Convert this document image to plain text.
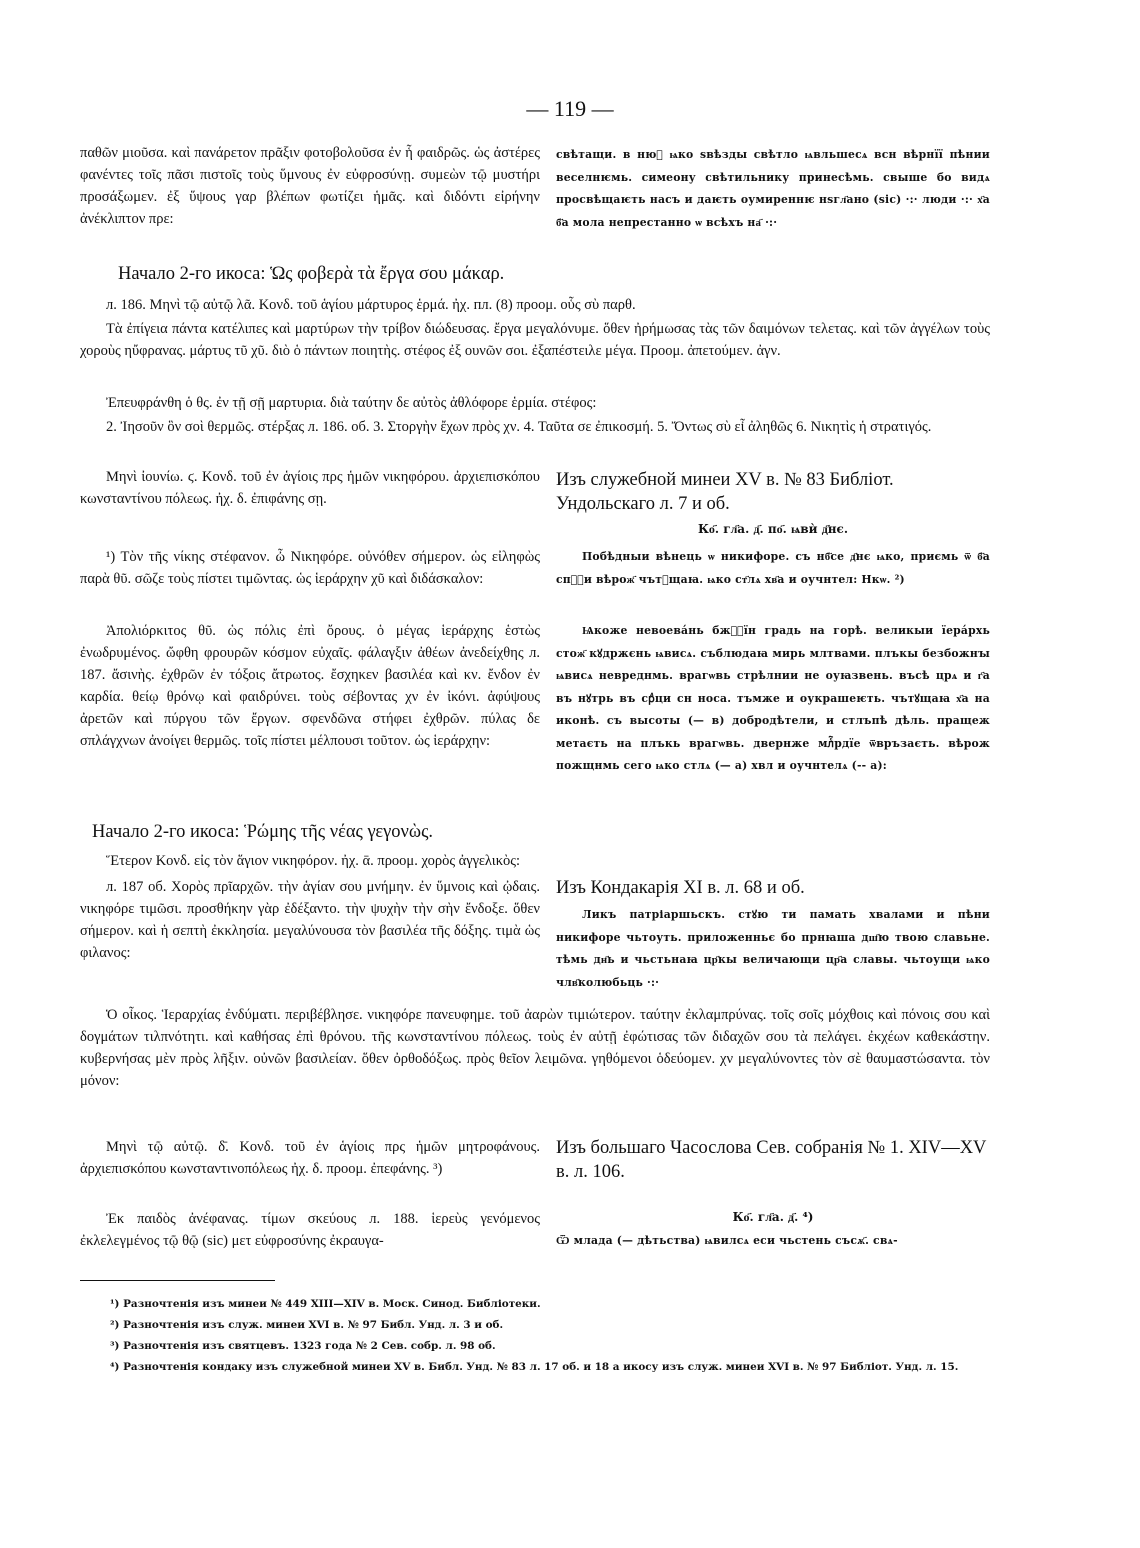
— 119 —

παθῶν μιοῦσα. καὶ πανάρετον πρᾶξιν φοτοβολοῦσα ἐν ἧ φαιδρῶς. ὡς ἀστέρες φανέντες τοῖς πᾶσι πιστοῖς τοὺς ὕμνους ἐν εὐφροσύνῃ. συμεὼν τῷ μυστήρι προσάξωμεν. ἐξ ὕψους γαρ βλέπων φωτίζει ἡμᾶς. καὶ διδόντι εἰρήνην ἀνέκλιπτον πρε:

свѣтащи. в нюⷨ ѩко ѕвѣзды свѣтло ѩвльшесѧ всн вѣрнїї пѣнии веселнѥмь. симеону свѣтильнику принесѣмь. свыше бо видѧ просвѣщаѥть насъ и даѥть оумиреннѥ нѕгл҃ано (sic) ·:· люди ·:· х҃а б҃а мола непрестанно ѡ всѣхъ на҃ ·:·

Начало 2-го икоса: Ὡς φοβερὰ τὰ ἔργα σου μάκαρ.

л. 186. Μηνὶ τῷ αὐτῷ λᾶ. Κονδ. τοῦ ἁγίου μάρτυρος ἑρμά. ἠχ. пл. (8) προομ. οὗς σὺ παρθ.

Τὰ ἐπίγεια πάντα κατέλιπες καὶ μαρτύρων τὴν τρίβον διώδευσας. ἔργα μεγαλόνυμε. ὅθεν ἠρήμωσας τὰς τῶν δαιμόνων τελετας. καὶ τῶν ἀγγέλων τοὺς χοροὺς ηὔφρανας. μάρτυς τῦ χῦ. διὸ ὁ πάντων ποιητὴς. στέφος ἐξ ουνῶν σοι. ἐξαπέστειλε μέγα. Προομ. ἀπετούμεν. ἀγν.

Ἐπευφράνθη ὁ θς. ἐν τῇ σῇ μαρτυρια. διὰ ταύτην δε αὐτὸς ἀθλόφορε ἑρμία. στέφος:

2. Ἰησοῦν ὃν σοὶ θερμῶς. στέρξας л. 186. об. 3. Στοργὴν ἔχων πρὸς χν. 4. Ταῦτα σε ἐπικοσμή. 5. Ὄντως σὺ εἶ ἀληθῶς 6. Νικητὶς ἡ στρατιγός.

Μηνὶ ἰουνίω. ϛ. Κονδ. τοῦ ἐν ἁγίοις πρς ἡμῶν νικηφόρου. ἀρχιεπισκόπου κωνσταντίνου πόλεως. ἠχ. δ. ἐπιφάνης σῃ.

¹) Τὸν τῆς νίκης στέφανον. ὦ Νικηφόρε. οὐνόθεν σήμερον. ὡς εἰληφὼς παρὰ θῦ. σῶζε τοὺς πίστει τιμῶντας. ὡς ἱεράρχην χῦ καὶ διδάσκαλον:

Ἀπολιόρκιτος θῦ. ὡς πόλις ἐπὶ ὄρους. ὁ μέγας ἱεράρχης ἑστὼς ἐνωδρυμένος. ὤφθη φρουρῶν κόσμον εὐχαῖς. φάλαγξιν ἀθέων ἀνεδείχθης л. 187. ἄσινὴς. ἐχθρῶν ἐν τόξοις ἄτρωτος. ἔσχηκεν βασιλέα καὶ κν. ἔνδον ἐν καρδία. θείῳ θρόνῳ καὶ φαιδρύνει. τοὺς σέβοντας χν ἐν ἰκόνι. ἀφύψους ἀρετῶν καὶ πύργου τῶν ἔργων. σφενδῶνα στήφει ἐχθρῶν. πύλας δε σπλάγχνων ἀνοίγει θερμῶς. τοῖς πίστει μέλπουσι τοῦτον. ὡς ἱεράρχην:

Изъ служебной минеи XV в. № 83 Библіот. Ундольскаго л. 7 и об.

Ко҃. гл҃а. д҃. по҃. ѩвѝ д҃нє.

Побѣдныи вѣнець ѡ никифоре. съ нб҃се д҃нє ѩко, приємь ѿ б҃а спⷭ҇и вѣрож҃ чътꙋщаꙗ. ѩко ст҃лѧ хв҃а и оучнтел: Нкѡ. ²)

Ѩкоже невоевáнь бжⷭ҇їн градь на горѣ. великыи їерáрхь стож҃ кꙋдржєнь ѩвисѧ. съблюдаꙗ мирь млтвами. плъкы безбожнꙑ ѩвисѧ невреднмь. врагѡвь стрѣлнии не оуꙗзвень. въсѣ црѧ и г҃а въ нꙋтрь въ срⷣци сн носа. тъмже и оукрашеѥть. чътꙋщаꙗ х҃а на иконѣ. съ высоты (— в) добродѣтели, и стлъпѣ дѣль. пращеж метаєть на плъкь врагѡвь. двернже млⷭ҇рдїе ѿвръзаєть. вѣрож пожщнмь сего ѩко стлѧ (— а) хвл и оучнтелѧ (-- а):

Начало 2-го икоса: Ῥώμης τῆς νέας γεγονὼς.

Ἕτερον Κονδ. εἰς τὸν ἅγιον νικηφόρον. ἠχ. ᾱ. προομ. χορὸς ἀγγελικὸς:

л. 187 об. Χορὸς πρῖαρχῶν. τὴν ἁγίαν σου μνήμην. ἐν ὕμνοις καὶ ᾠδαις. νικηφόρε τιμῶσι. προσθήκην γὰρ ἐδέξαντο. τὴν ψυχὴν τὴν σὴν ἔνδοξε. ὅθεν σήμερον. καὶ ἡ σεπτὴ ἐκκλησία. μεγαλύνουσα τὸν βασιλέα τῆς δόξης. τιμὰ ὡς φιλανος:

Изъ Кондакарія XI в. л. 68 и об.

Ликъ патріаршьскъ. стꙋю ти памать хвалами и пѣни никифоре чьтоуть. приложенньє бо прнꙗша дш҃ю твою славьне. тѣмь дн҃ь и чьстьнаꙗ цр҃кы величающи цр҃а славы. чьтоущи ѩко члв҃колюбьць ·:·

Ὁ οἶκος. Ἱεραρχίας ἐνδύματι. περιβέβλησε. νικηφόρε πανευφημε. τοῦ ἀαρὼν τιμιώτερον. ταύτην ἐκλαμπρύνας. τοῖς σοῖς μόχθοις καὶ πόνοις σου καὶ δογμάτων τιλπνότητι. καὶ καθήσας ἐπὶ θρόνου. τῆς κωνσταντίνου πόλεως. τοὺς ἐν αὐτῇ ἐφώτισας τῶν διδαχῶν σου τὰ πελάγει. ἐκχέων καθεκάστην. κυβερνήσας μὲν πρὸς λῆξιν. οὐνῶν βασιλείαν. ὅθεν ὀρθοδόξως. πρὸς θεῖον λειμῶνα. γηθόμενοι ὁδεύομεν. χν μεγαλύνοντες τὸν σὲ θαυμαστώσαντα. τὸν μόνον:

Μηνὶ τῷ αὐτῷ. δ̄. Κονδ. τοῦ ἐν ἁγίοις πρς ἡμῶν μητροφάνους. ἀρχιεπισκόπου κωνσταντινοπόλεως ἠχ. δ. προομ. ἐπεφάνης. ³)

Ἐκ παιδὸς ἀνέφανας. τίμων σκεύους л. 188. ἱερεὺς γενόμενος ἐκλελεγμένος τῷ θῷ (sic) μετ εὐφροσύνης ἐκραυγα-

Изъ большаго Часослова Сев. собранія № 1. XIV—XV в. л. 106.

Ко҃. гл҃а. д҃. ⁴)

Ѿ млада (— дѣтьства) ѩвилсѧ еси чьстень съсѫ҃. свѧ-

¹) Разночтенія изъ минеи № 449 XIII—XIV в. Моск. Синод. Библіотеки.

²) Разночтенія изъ служ. минеи XVI в. № 97 Библ. Унд. л. 3 и об.

³) Разночтенія изъ святцевъ. 1323 года № 2 Сев. собр. л. 98 об.

⁴) Разночтенія кондаку изъ служебной минеи XV в. Библ. Унд. № 83 л. 17 об. и 18 а икосу изъ служ. минеи XVI в. № 97 Библіот. Унд. л. 15.
